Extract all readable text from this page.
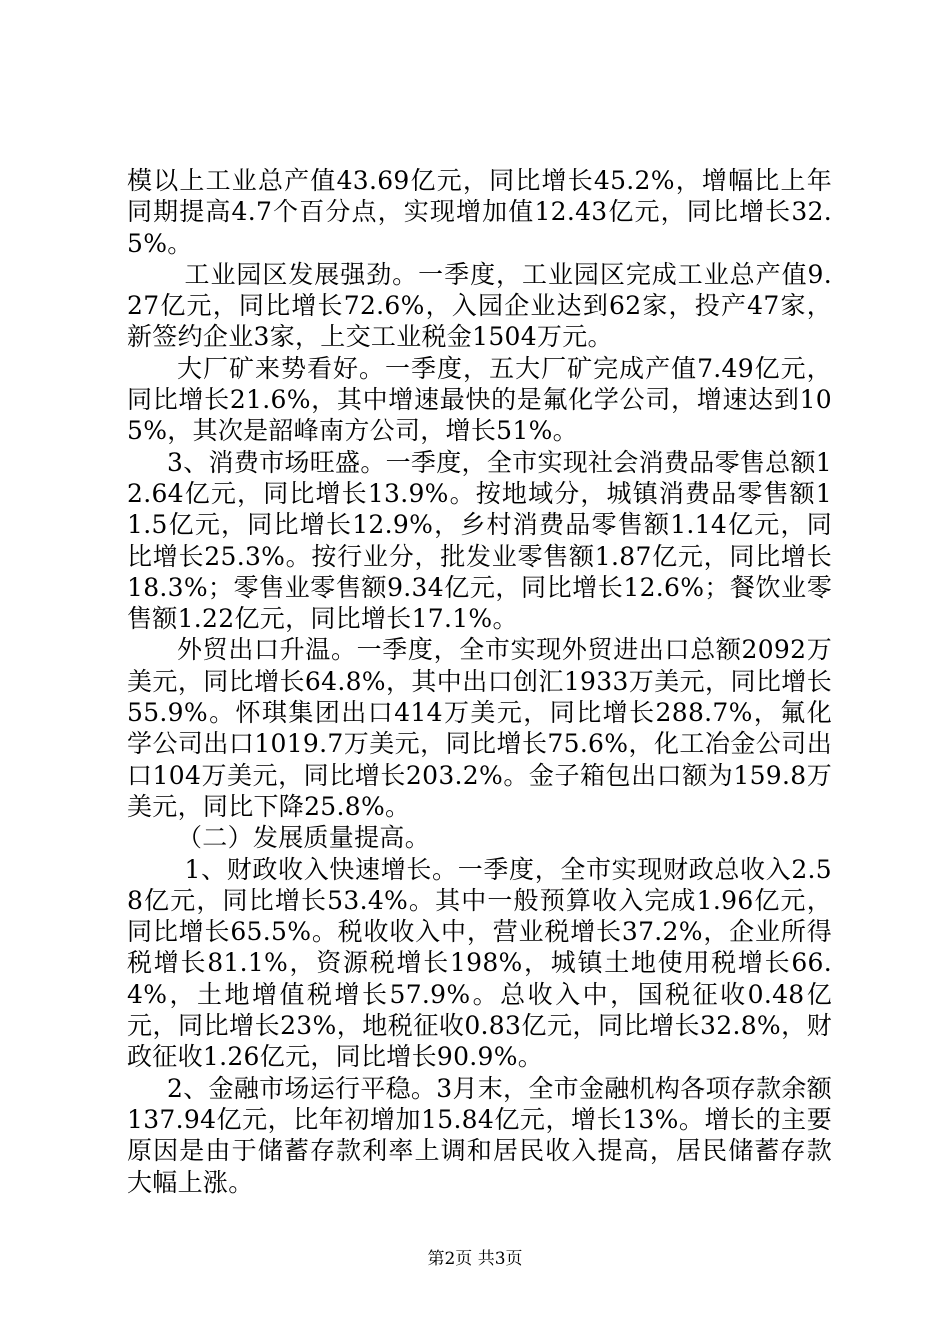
模以上工业总产值43.69亿元，同比增长45.2%，增幅比上年同期提高4.7个百分点，实现增加值12.43亿元，同比增长32.5%。

工业园区发展强劲。一季度，工业园区完成工业总产值9.27亿元，同比增长72.6%，入园企业达到62家，投产47家，新签约企业3家，上交工业税金1504万元。

大厂矿来势看好。一季度，五大厂矿完成产值7.49亿元，同比增长21.6%，其中增速最快的是氟化学公司，增速达到105%，其次是韶峰南方公司，增长51%。

3、消费市场旺盛。一季度，全市实现社会消费品零售总额12.64亿元，同比增长13.9%。按地域分，城镇消费品零售额11.5亿元，同比增长12.9%，乡村消费品零售额1.14亿元，同比增长25.3%。按行业分，批发业零售额1.87亿元，同比增长18.3%；零售业零售额9.34亿元，同比增长12.6%；餐饮业零售额1.22亿元，同比增长17.1%。

外贸出口升温。一季度，全市实现外贸进出口总额2092万美元，同比增长64.8%，其中出口创汇1933万美元，同比增长55.9%。怀琪集团出口414万美元，同比增长288.7%，氟化学公司出口1019.7万美元，同比增长75.6%，化工冶金公司出口104万美元，同比增长203.2%。金子箱包出口额为159.8万美元，同比下降25.8%。

（二）发展质量提高。

1、财政收入快速增长。一季度，全市实现财政总收入2.58亿元，同比增长53.4%。其中一般预算收入完成1.96亿元，同比增长65.5%。税收收入中，营业税增长37.2%，企业所得税增长81.1%，资源税增长198%，城镇土地使用税增长66.4%，土地增值税增长57.9%。总收入中，国税征收0.48亿元，同比增长23%，地税征收0.83亿元，同比增长32.8%，财政征收1.26亿元，同比增长90.9%。

2、金融市场运行平稳。3月末，全市金融机构各项存款余额137.94亿元，比年初增加15.84亿元，增长13%。增长的主要原因是由于储蓄存款利率上调和居民收入提高，居民储蓄存款大幅上涨。

第2页 共3页
